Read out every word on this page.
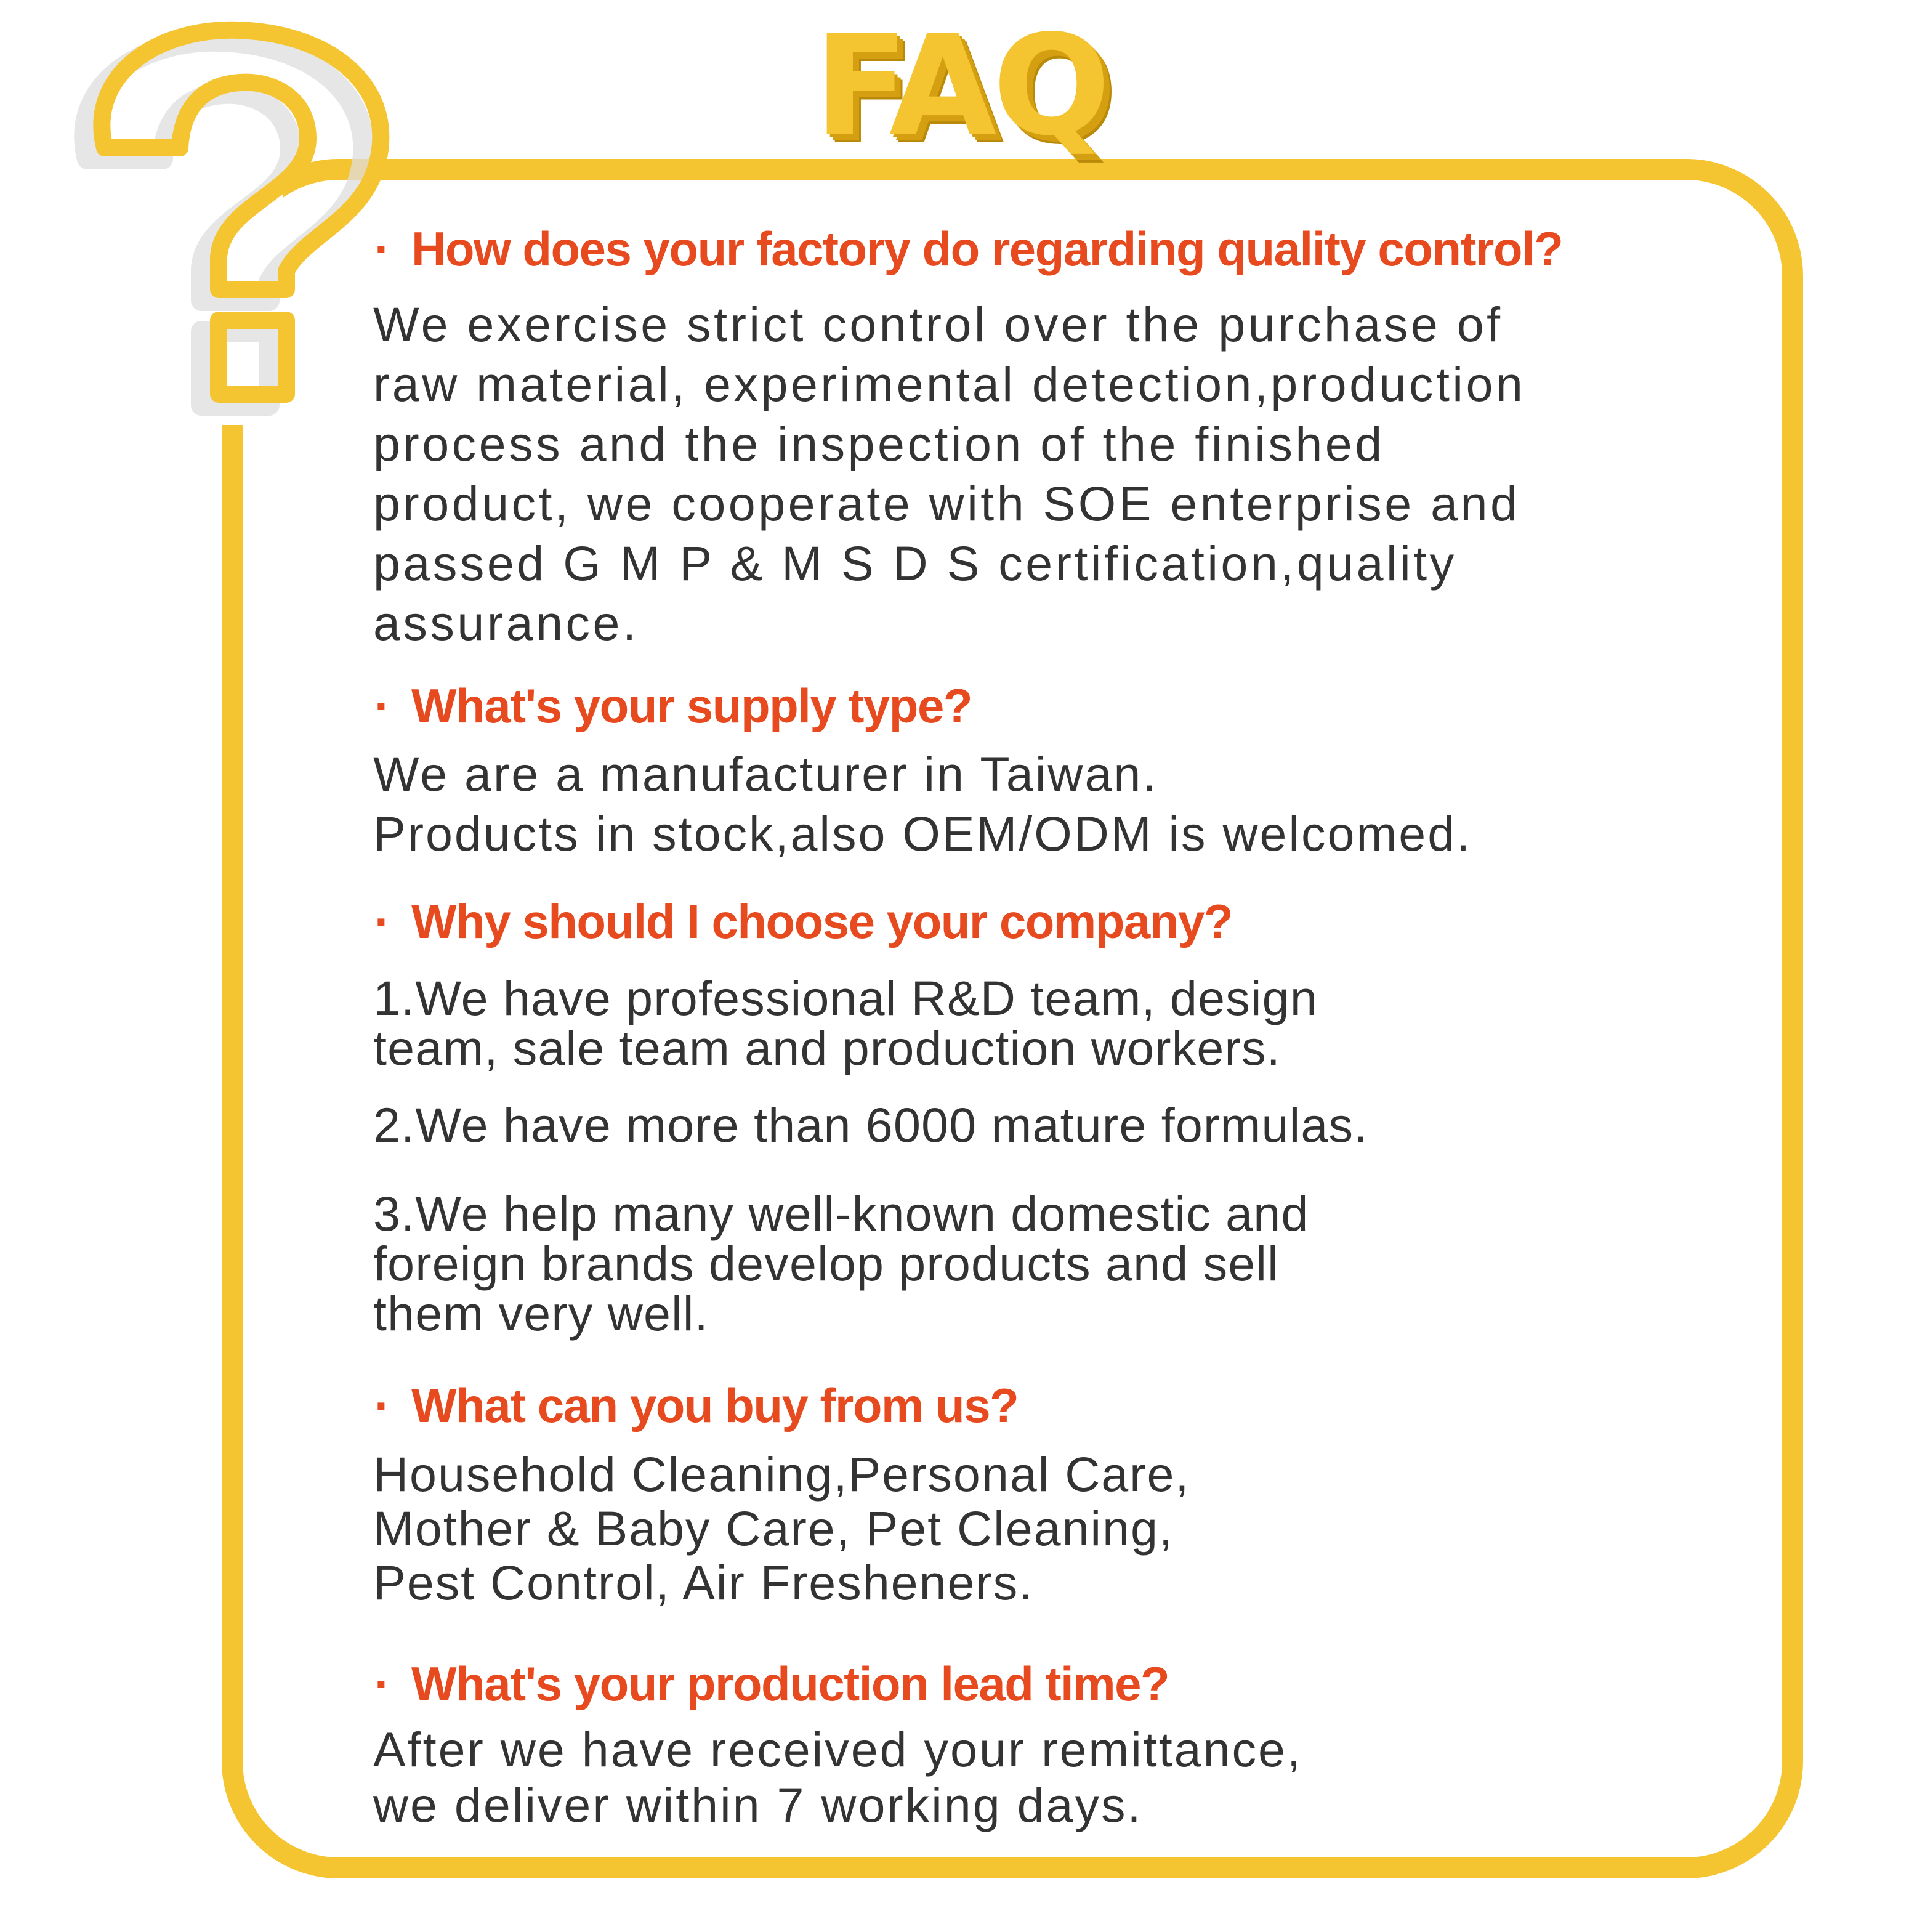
FAQ

· How does your factory do regarding quality control?

We exercise strict control over the purchase of
raw material, experimental detection,production
process and the inspection of the finished
product, we cooperate with SOE enterprise and
passed G M P & M S D S certification,quality
assurance.

· What's your supply type?

We are a manufacturer in Taiwan.
Products in stock,also OEM/ODM is welcomed.

· Why should I choose your company?

1.We have professional R&D team, design
team, sale team and production workers.
2.We have more than 6000 mature formulas.
3.We help many well-known domestic and
foreign brands develop products and sell
them very well.

· What can you buy from us?

Household Cleaning,Personal Care,
Mother & Baby Care, Pet Cleaning,
Pest Control, Air Fresheners.

· What's your production lead time?

After we have received your remittance,
we deliver within 7 working days.
